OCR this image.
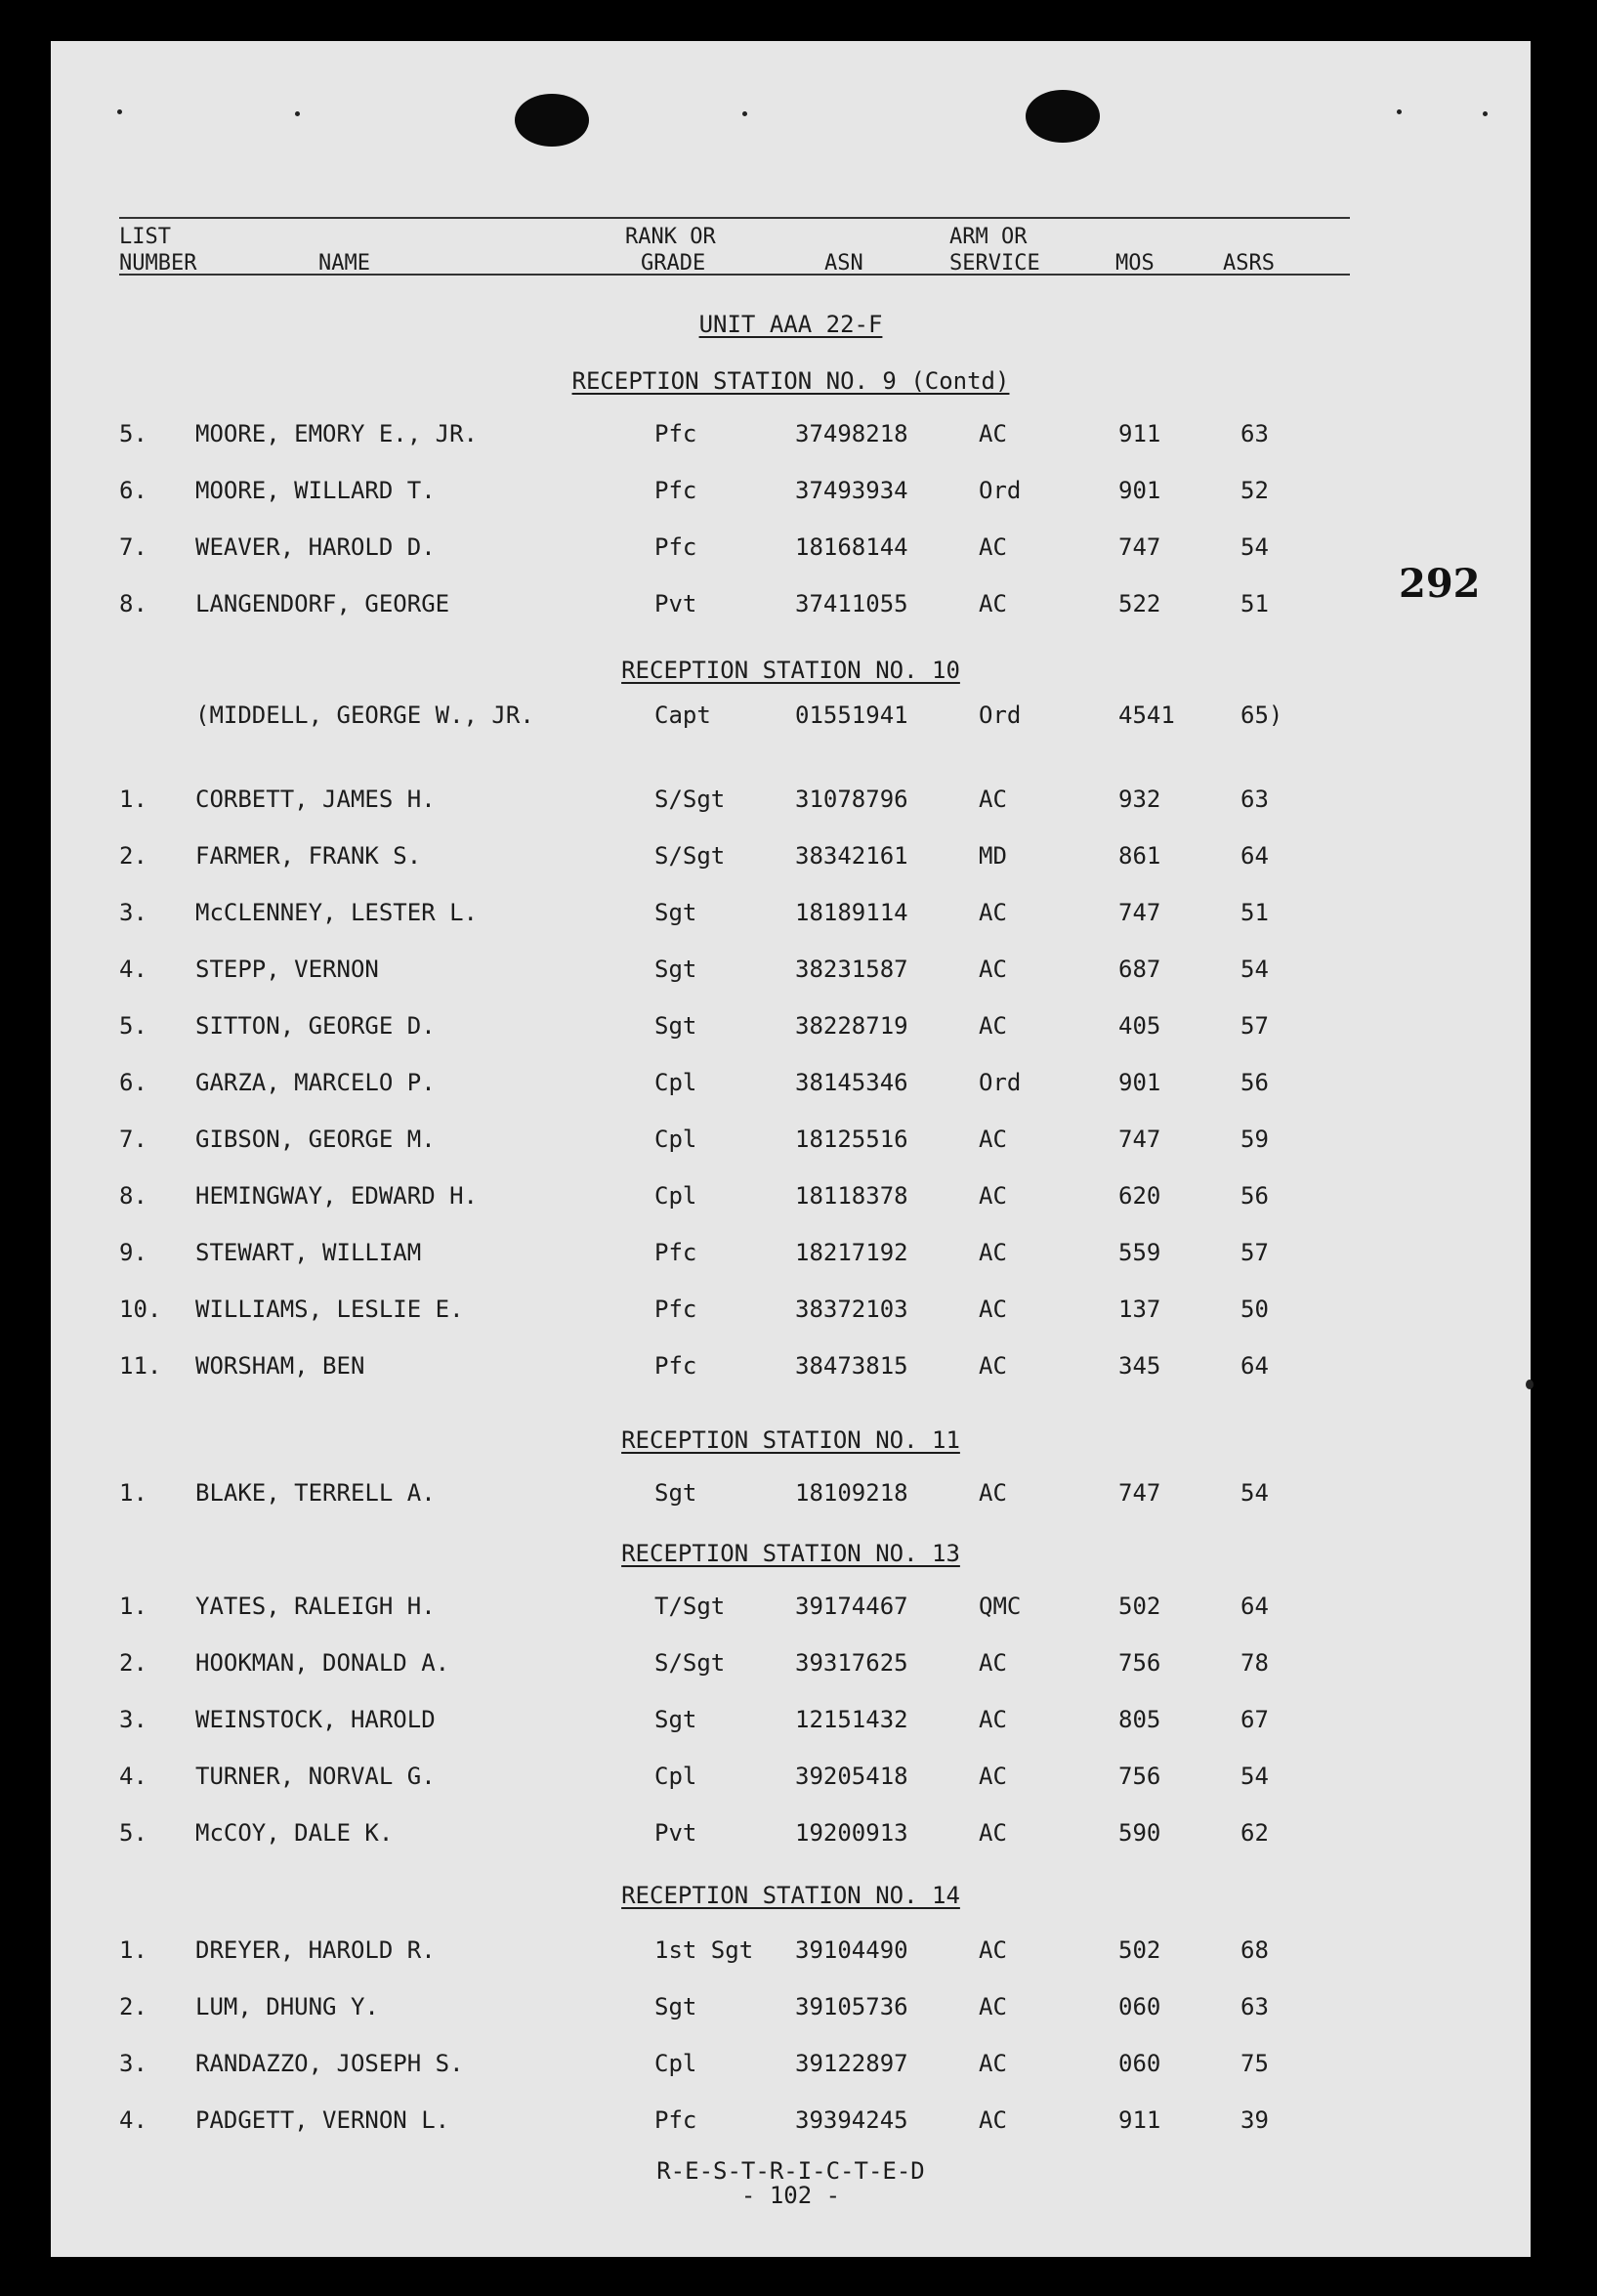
292
LIST
NUMBER	NAME
RANK OR
GRADE	ASN
ARM OR
SERVICE	MOS	ASRS
UNIT AAA 22-F
RECEPTION STATION NO. 9 (Contd)
5. MOORE, EMORY E., JR.	Pfc	37498218	AC	911	63
6. MOORE, WILLARD T.	Pfc	37493934	Ord	901	52
7. WEAVER, HAROLD D.	Pfc	18168144	AC	747	54
8. LANGENDORF, GEORGE	Pvt	37411055	AC	522	51
RECEPTION STATION NO. 10
(MIDDELL, GEORGE W., JR.	Capt	01551941	Ord	4541	65)
1. CORBETT, JAMES H.	S/Sgt	31078796	AC	932	63
2. FARMER, FRANK S.	S/Sgt	38342161	MD	861	64
3. McCLENNEY, LESTER L.	Sgt	18189114	AC	747	51
4. STEPP, VERNON	Sgt	38231587	AC	687	54
5. SITTON, GEORGE D.	Sgt	38228719	AC	405	57
6. GARZA, MARCELO P.	Cpl	38145346	Ord	901	56
7. GIBSON, GEORGE M.	Cpl	18125516	AC	747	59
8. HEMINGWAY, EDWARD H.	Cpl	18118378	AC	620	56
9. STEWART, WILLIAM	Pfc	18217192	AC	559	57
10. WILLIAMS, LESLIE E.	Pfc	38372103	AC	137	50
11. WORSHAM, BEN	Pfc	38473815	AC	345	64
RECEPTION STATION NO. 11
1. BLAKE, TERRELL A.	Sgt	18109218	AC	747	54
RECEPTION STATION NO. 13
1. YATES, RALEIGH H.	T/Sgt	39174467	QMC	502	64
2. HOOKMAN, DONALD A.	S/Sgt	39317625	AC	756	78
3. WEINSTOCK, HAROLD	Sgt	12151432	AC	805	67
4. TURNER, NORVAL G.	Cpl	39205418	AC	756	54
5. McCOY, DALE K.	Pvt	19200913	AC	590	62
RECEPTION STATION NO. 14
1. DREYER, HAROLD R.	1st Sgt 39104490	AC	502	68
2. LUM, DHUNG Y.	Sgt	39105736	AC	060	63
3. RANDAZZO, JOSEPH S.	Cpl	39122897	AC	060	75
4. PADGETT, VERNON L.	Pfc	39394245	AC	911	39
R-E-S-T-R-I-C-T-E-D
- 102 -
